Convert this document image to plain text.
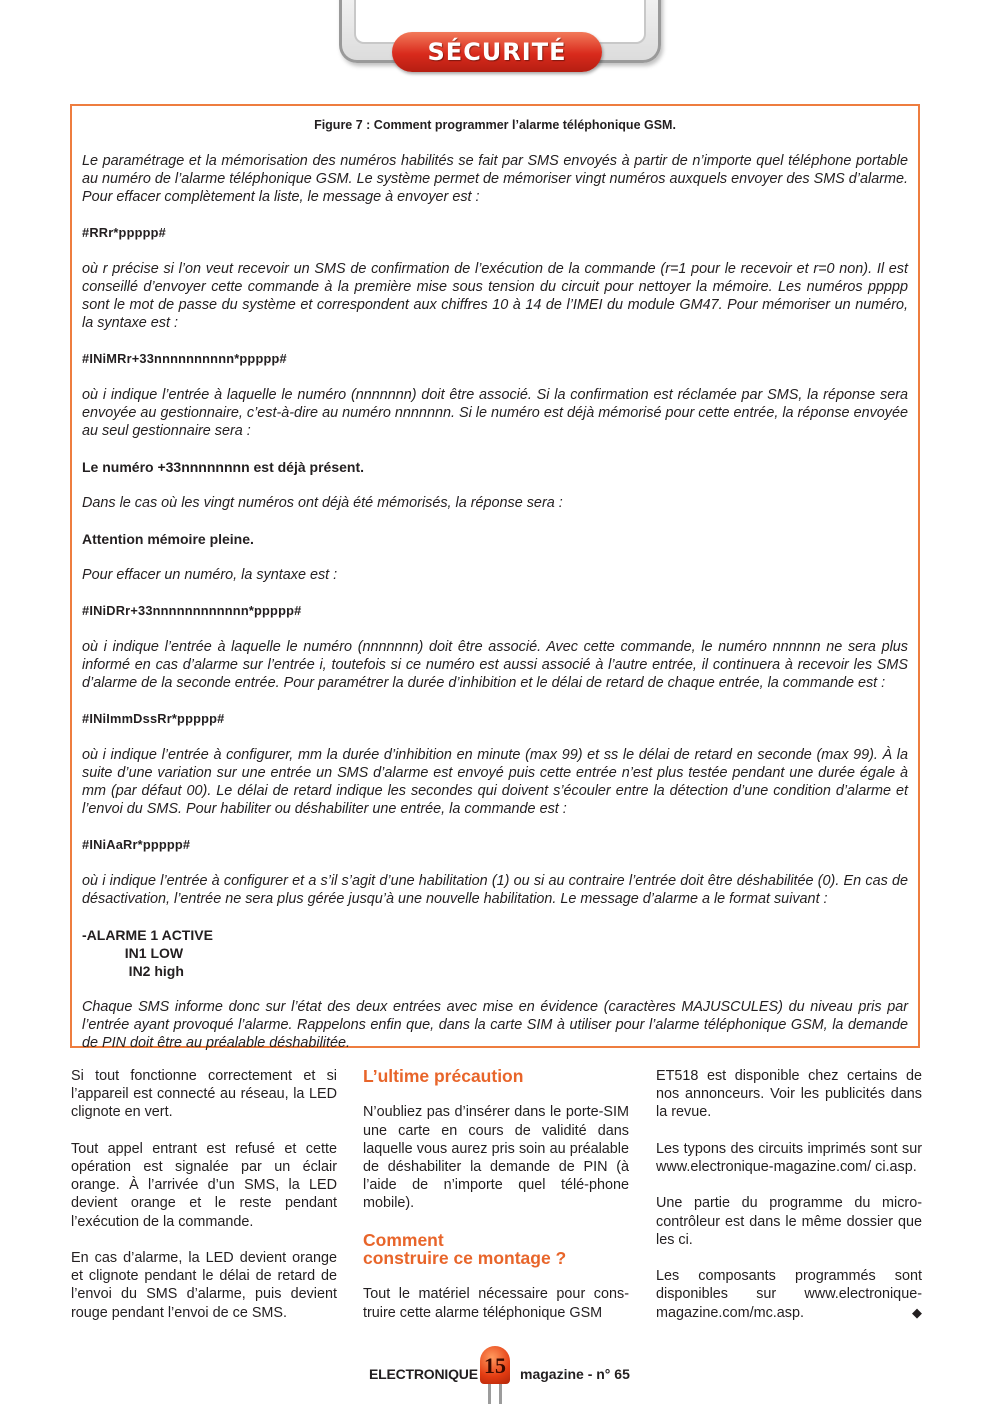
SÉCURITÉ

Figure 7 : Comment programmer l’alarme téléphonique GSM.

Le paramétrage et la mémorisation des numéros habilités se fait par SMS envoyés à partir de n’importe quel téléphone portable au numéro de l’alarme téléphonique GSM. Le système permet de mémoriser vingt numéros auxquels envoyer des SMS d’alarme. Pour effacer complètement la liste, le message à envoyer est :

#RRr*ppppp#

où r précise si l’on veut recevoir un SMS de confirmation de l’exécution de la commande (r=1 pour le recevoir et r=0 non). Il est conseillé d’envoyer cette commande à la première mise sous tension du circuit pour nettoyer la mémoire. Les numéros ppppp sont le mot de passe du système et correspondent aux chiffres 10 à 14 de l’IMEI du module GM47. Pour mémoriser un numéro, la syntaxe est :

#INiMRr+33nnnnnnnnnn*ppppp#

où i indique l’entrée à laquelle le numéro (nnnnnnn) doit être associé. Si la confirmation est réclamée par SMS, la réponse sera envoyée au gestionnaire, c’est-à-dire au numéro nnnnnnn. Si le numéro est déjà mémorisé pour cette entrée, la réponse envoyée au seul gestionnaire sera :

Le numéro +33nnnnnnnn est déjà présent.

Dans le cas où les vingt numéros ont déjà été mémorisés, la réponse sera :

Attention mémoire pleine.

Pour effacer un numéro, la syntaxe est :

#INiDRr+33nnnnnnnnnnnn*ppppp#

où i indique l’entrée à laquelle le numéro (nnnnnnn) doit être associé. Avec cette commande, le numéro nnnnnn ne sera plus informé en cas d’alarme sur l’entrée i, toutefois si ce numéro est aussi associé à l’autre entrée, il continuera à recevoir les SMS d’alarme de la seconde entrée. Pour paramétrer la durée d’inhibition et le délai de retard de chaque entrée, la commande est :

#INiImmDssRr*ppppp#

où i indique l’entrée à configurer, mm la durée d’inhibition en minute (max 99) et ss le délai de retard en seconde (max 99). À la suite d’une variation sur une entrée un SMS d’alarme est envoyé puis cette entrée n’est plus testée pendant une durée égale à mm (par défaut 00). Le délai de retard indique les secondes qui doivent s’écouler entre la détection d’une condition d’alarme et l’envoi du SMS. Pour habiliter ou déshabiliter une entrée, la commande est :

#INiAaRr*ppppp#

où i indique l’entrée à configurer et a s’il s’agit d’une habilitation (1) ou si au contraire l’entrée doit être déshabilitée (0). En cas de désactivation, l’entrée ne sera plus gérée jusqu’à une nouvelle habilitation. Le message d’alarme a le format suivant :

-ALARME 1 ACTIVE
IN1 LOW
IN2 high

Chaque SMS informe donc sur l’état des deux entrées avec mise en évidence (caractères MAJUSCULES) du niveau pris par l’entrée ayant provoqué l’alarme. Rappelons enfin que, dans la carte SIM à utiliser pour l’alarme téléphonique GSM, la demande de PIN doit être au préalable déshabilitée.

Si tout fonctionne correctement et si l’appareil est connecté au réseau, la LED clignote en vert.

Tout appel entrant est refusé et cette opération est signalée par un éclair orange. À l’arrivée d’un SMS, la LED devient orange et le reste pendant l’exécution de la commande.

En cas d’alarme, la LED devient orange et clignote pendant le délai de retard de l’envoi du SMS d’alarme, puis devient rouge pendant l’envoi de ce SMS.

L’ultime précaution

N’oubliez pas d’insérer dans le porte-SIM une carte en cours de validité dans laquelle vous aurez pris soin au préalable de déshabiliter la demande de PIN (à l’aide de n’importe quel télé-phone mobile).

Comment
construire ce montage ?

Tout le matériel nécessaire pour cons-truire cette alarme téléphonique GSM

ET518 est disponible chez certains de nos annonceurs. Voir les publicités dans la revue.

Les typons des circuits imprimés sont sur www.electronique-magazine.com/ ci.asp.

Une partie du programme du micro-contrôleur est dans le même dossier que les ci.

Les composants programmés sont disponibles sur www.electronique-magazine.com/mc.asp.	◆

ELECTRONIQUE 15 magazine - n° 65
